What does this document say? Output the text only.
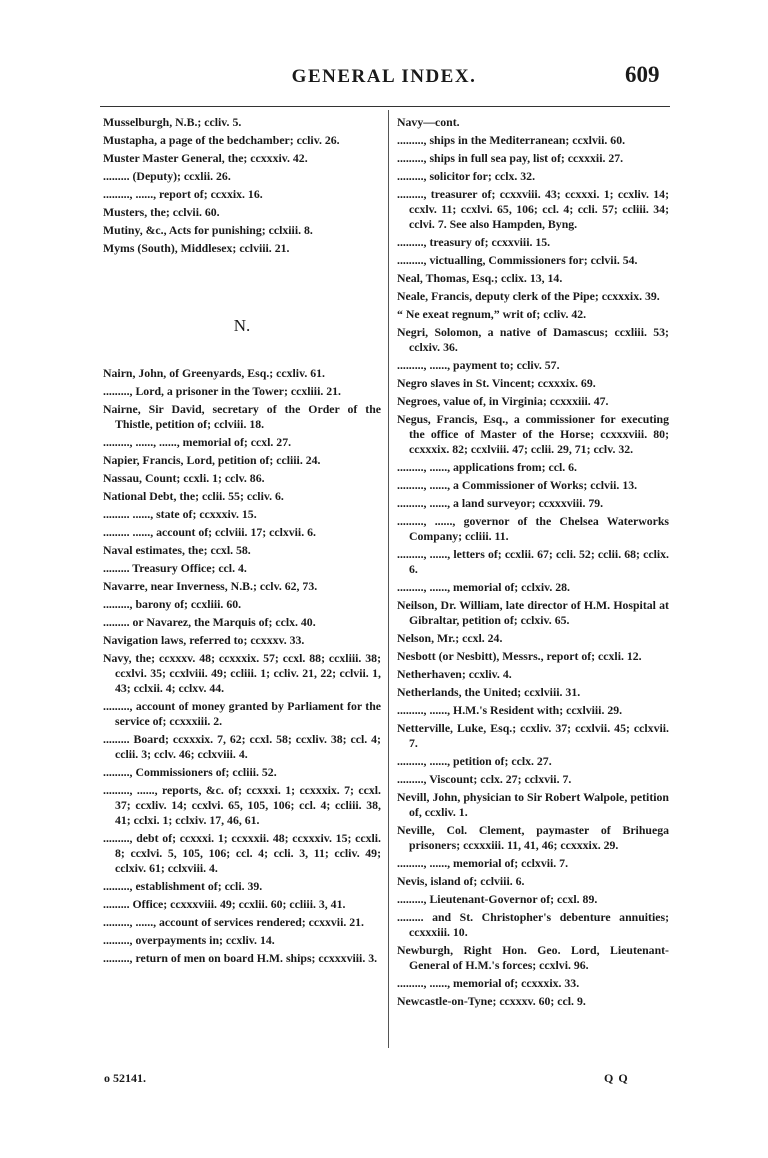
GENERAL INDEX.	609
Musselburgh, N.B.; ccliv. 5.
Mustapha, a page of the bedchamber; ccliv. 26.
Muster Master General, the; ccxxxiv. 42.
......... (Deputy); ccxlii. 26.
........., ......, report of; ccxxix. 16.
Musters, the; cclvii. 60.
Mutiny, &c., Acts for punishing; cclxiii. 8.
Myms (South), Middlesex; cclviii. 21.
N.
Nairn, John, of Greenyards, Esq.; ccxliv. 61.
........., Lord, a prisoner in the Tower; ccxliii. 21.
Nairne, Sir David, secretary of the Order of the Thistle, petition of; cclviii. 18.
........., ......, ......, memorial of; ccxl. 27.
Napier, Francis, Lord, petition of; ccliii. 24.
Nassau, Count; ccxli. 1; cclv. 86.
National Debt, the; cclii. 55; ccliv. 6.
......... ......, state of; ccxxxiv. 15.
......... ......, account of; cclviii. 17; cclxvii. 6.
Naval estimates, the; ccxl. 58.
......... Treasury Office; ccl. 4.
Navarre, near Inverness, N.B.; cclv. 62, 73.
........., barony of; ccxliii. 60.
......... or Navarez, the Marquis of; cclx. 40.
Navigation laws, referred to; ccxxxv. 33.
Navy, the; ccxxxv. 48; ccxxxix. 57; ccxl. 88; ccxliii. 38; ccxlvi. 35; ccxlviii. 49; ccliii. 1; ccliv. 21, 22; cclvii. 1, 43; cclxii. 4; cclxv. 44.
........., account of money granted by Parliament for the service of; ccxxxiii. 2.
......... Board; ccxxxix. 7, 62; ccxl. 58; ccxliv. 38; ccl. 4; cclii. 3; cclv. 46; cclxviii. 4.
........., Commissioners of; ccliii. 52.
........., ......, reports, &c. of; ccxxxi. 1; ccxxxix. 7; ccxl. 37; ccxliv. 14; ccxlvi. 65, 105, 106; ccl. 4; ccliii. 38, 41; cclxi. 1; cclxiv. 17, 46, 61.
........., debt of; ccxxxi. 1; ccxxxii. 48; ccxxxiv. 15; ccxli. 8; ccxlvi. 5, 105, 106; ccl. 4; ccli. 3, 11; ccliv. 49; cclxiv. 61; cclxviii. 4.
........., establishment of; ccli. 39.
......... Office; ccxxxviii. 49; ccxlii. 60; ccliii. 3, 41.
........., ......, account of services rendered; ccxxvii. 21.
........., overpayments in; ccxliv. 14.
........., return of men on board H.M. ships; ccxxxviii. 3.
Navy—cont.
........., ships in the Mediterranean; ccxlvii. 60.
........., ships in full sea pay, list of; ccxxxii. 27.
........., solicitor for; cclx. 32.
........., treasurer of; ccxxviii. 43; ccxxxi. 1; ccxliv. 14; ccxlv. 11; ccxlvi. 65, 106; ccl. 4; ccli. 57; ccliii. 34; cclvi. 7. See also Hampden, Byng.
........., treasury of; ccxxviii. 15.
........., victualling, Commissioners for; cclvii. 54.
Neal, Thomas, Esq.; cclix. 13, 14.
Neale, Francis, deputy clerk of the Pipe; ccxxxix. 39.
“ Ne exeat regnum,” writ of; ccliv. 42.
Negri, Solomon, a native of Damascus; ccxliii. 53; cclxiv. 36.
........., ......, payment to; ccliv. 57.
Negro slaves in St. Vincent; ccxxxix. 69.
Negroes, value of, in Virginia; ccxxxiii. 47.
Negus, Francis, Esq., a commissioner for executing the office of Master of the Horse; ccxxxviii. 80; ccxxxix. 82; ccxlviii. 47; cclii. 29, 71; cclv. 32.
........., ......, applications from; ccl. 6.
........., ......, a Commissioner of Works; cclvii. 13.
........., ......, a land surveyor; ccxxxviii. 79.
........., ......, governor of the Chelsea Waterworks Company; ccliii. 11.
........., ......, letters of; ccxlii. 67; ccli. 52; cclii. 68; cclix. 6.
........., ......, memorial of; cclxiv. 28.
Neilson, Dr. William, late director of H.M. Hospital at Gibraltar, petition of; cclxiv. 65.
Nelson, Mr.; ccxl. 24.
Nesbott (or Nesbitt), Messrs., report of; ccxli. 12.
Netherhaven; ccxliv. 4.
Netherlands, the United; ccxlviii. 31.
........., ......, H.M.'s Resident with; ccxlviii. 29.
Netterville, Luke, Esq.; ccxliv. 37; ccxlvii. 45; cclxvii. 7.
........., ......, petition of; cclx. 27.
........., Viscount; cclx. 27; cclxvii. 7.
Nevill, John, physician to Sir Robert Walpole, petition of, ccxliv. 1.
Neville, Col. Clement, paymaster of Brihuega prisoners; ccxxxiii. 11, 41, 46; ccxxxix. 29.
........., ......, memorial of; cclxvii. 7.
Nevis, island of; cclviii. 6.
........., Lieutenant-Governor of; ccxl. 89.
......... and St. Christopher's debenture annuities; ccxxxiii. 10.
Newburgh, Right Hon. Geo. Lord, Lieutenant-General of H.M.'s forces; ccxlvi. 96.
........., ......, memorial of; ccxxxix. 33.
Newcastle-on-Tyne; ccxxxv. 60; ccl. 9.
o 52141.	Q Q
